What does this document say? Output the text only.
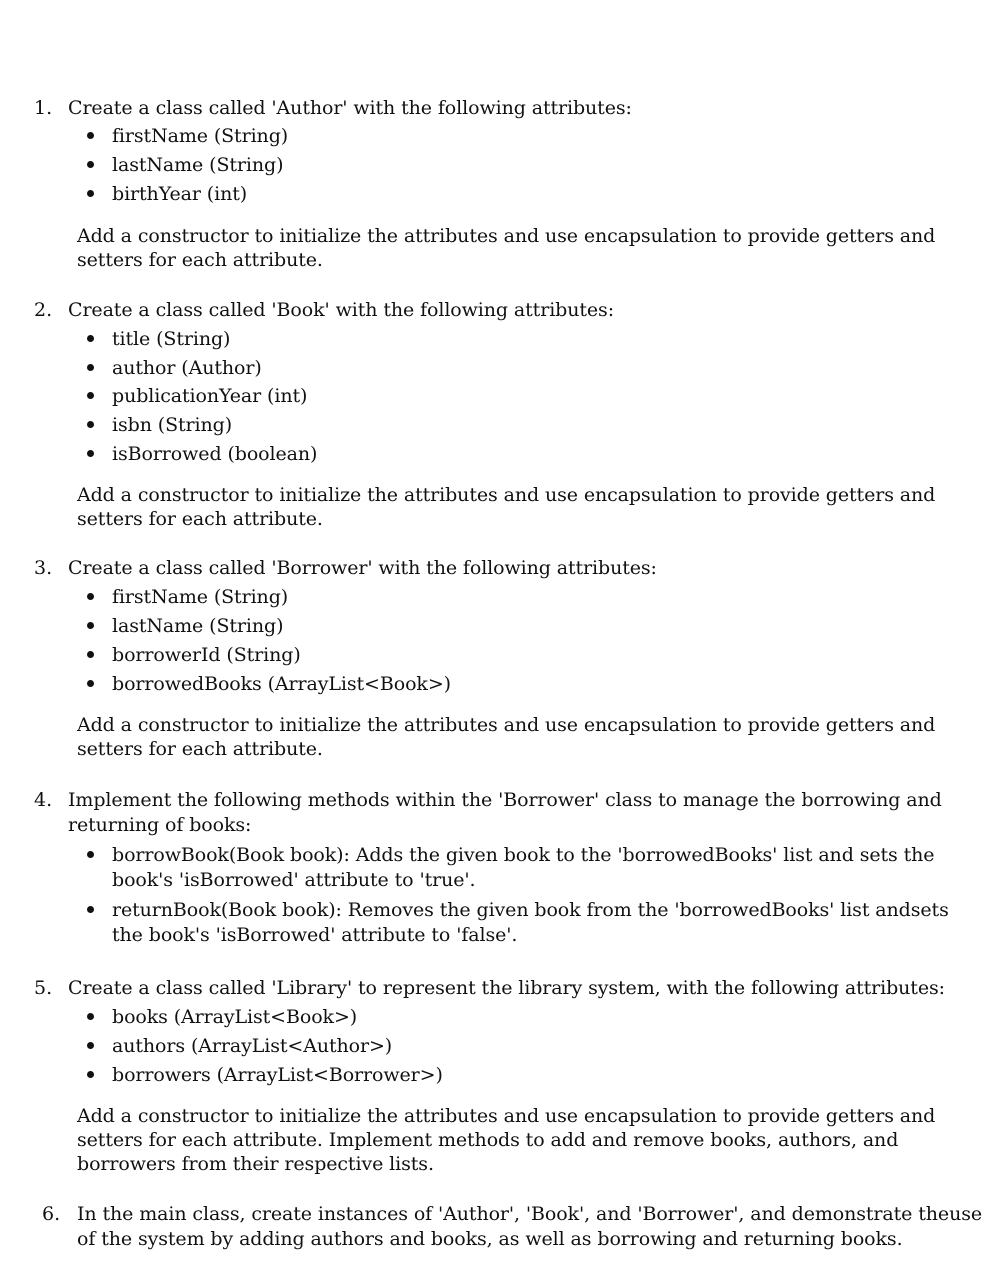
1. Create a class called 'Author' with the following attributes:
firstName (String)
lastName (String)
birthYear (int)
Add a constructor to initialize the attributes and use encapsulation to provide getters and
setters for each attribute.
2. Create a class called 'Book' with the following attributes:
title (String)
author (Author)
publicationYear (int)
isbn (String)
isBorrowed (boolean)
Add a constructor to initialize the attributes and use encapsulation to provide getters and
setters for each attribute.
3. Create a class called 'Borrower' with the following attributes:
firstName (String)
lastName (String)
borrowerId (String)
borrowedBooks (ArrayList<Book>)
Add a constructor to initialize the attributes and use encapsulation to provide getters and
setters for each attribute.
4. Implement the following methods within the 'Borrower' class to manage the borrowing and
returning of books:
borrowBook(Book book): Adds the given book to the 'borrowedBooks' list and sets the
book's 'isBorrowed' attribute to 'true'.
returnBook(Book book): Removes the given book from the 'borrowedBooks' list andsets
the book's 'isBorrowed' attribute to 'false'.
5. Create a class called 'Library' to represent the library system, with the following attributes:
books (ArrayList<Book>)
authors (ArrayList<Author>)
borrowers (ArrayList<Borrower>)
Add a constructor to initialize the attributes and use encapsulation to provide getters and
setters for each attribute. Implement methods to add and remove books, authors, and
borrowers from their respective lists.
6. In the main class, create instances of 'Author', 'Book', and 'Borrower', and demonstrate theuse
of the system by adding authors and books, as well as borrowing and returning books.
